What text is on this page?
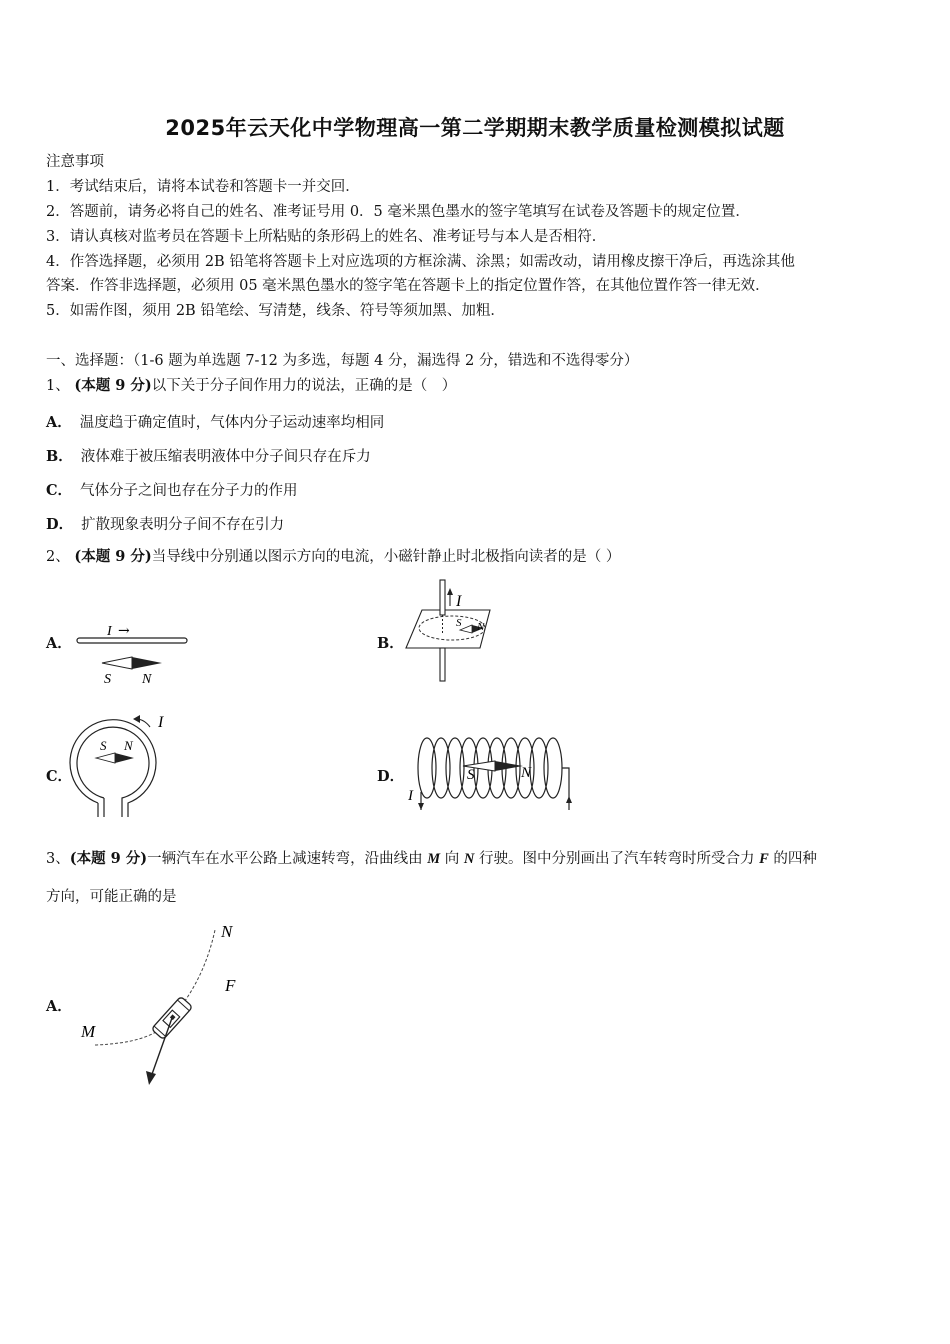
2025年云天化中学物理高一第二学期期末教学质量检测模拟试题
注意事项
1．考试结束后，请将本试卷和答题卡一并交回．
2．答题前，请务必将自己的姓名、准考证号用 0．5 毫米黑色墨水的签字笔填写在试卷及答题卡的规定位置．
3．请认真核对监考员在答题卡上所粘贴的条形码上的姓名、准考证号与本人是否相符．
4．作答选择题，必须用 2B 铅笔将答题卡上对应选项的方框涂满、涂黑；如需改动，请用橡皮擦干净后，再选涂其他
答案．作答非选择题，必须用 05 毫米黑色墨水的签字笔在答题卡上的指定位置作答，在其他位置作答一律无效．
5．如需作图，须用 2B 铅笔绘、写清楚，线条、符号等须加黑、加粗．
一、选择题：（1-6 题为单选题 7-12 为多选，每题 4 分，漏选得 2 分，错选和不选得零分）
1、 (本题 9 分)以下关于分子间作用力的说法，正确的是（　）
A． 温度趋于确定值时，气体内分子运动速率均相同
B． 液体难于被压缩表明液体中分子间只存在斥力
C． 气体分子之间也存在分子力的作用
D． 扩散现象表明分子间不存在引力
2、 (本题 9 分)当导线中分别通以图示方向的电流，小磁针静止时北极指向读者的是（ ）
A．	B．
C．	D．
I →
S N
I
S N
I
S N
I
S	N
3、(本题 9 分)一辆汽车在水平公路上减速转弯，沿曲线由 M 向 N 行驶。图中分别画出了汽车转弯时所受合力 F 的四种
方向，可能正确的是
A．
N
M
F
